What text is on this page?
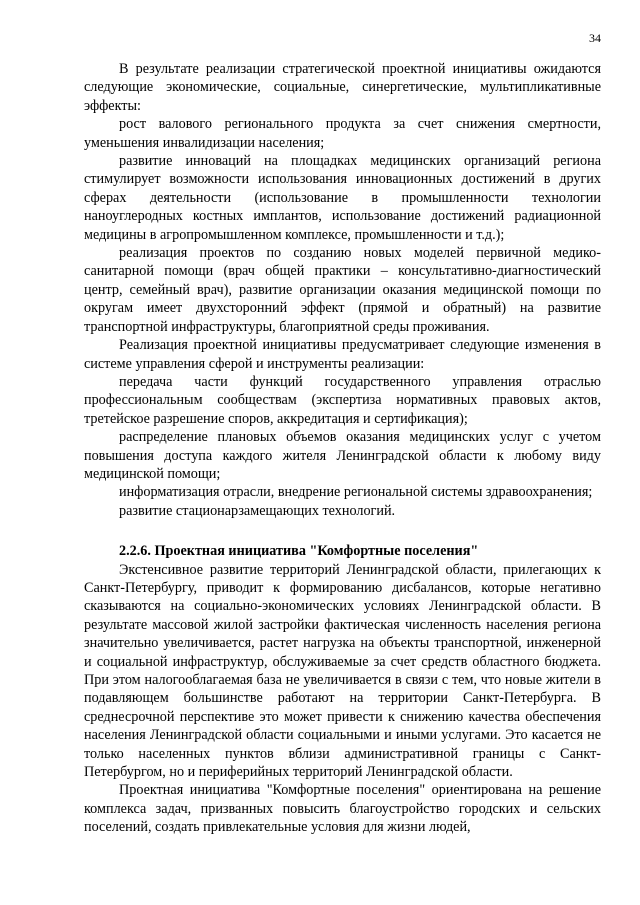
34

В результате реализации стратегической проектной инициативы ожидаются следующие экономические, социальные, синергетические, мультипликативные эффекты:

рост валового регионального продукта за счет снижения смертности, уменьшения инвалидизации населения;

развитие инноваций на площадках медицинских организаций региона стимулирует возможности использования инновационных достижений в других сферах деятельности (использование в промышленности технологии наноуглеродных костных имплантов, использование достижений радиационной медицины в агропромышленном комплексе, промышленности и т.д.);

реализация проектов по созданию новых моделей первичной медико-санитарной помощи (врач общей практики – консультативно-диагностический центр, семейный врач), развитие организации оказания медицинской помощи по округам имеет двухсторонний эффект (прямой и обратный) на развитие транспортной инфраструктуры, благоприятной среды проживания.

Реализация проектной инициативы предусматривает следующие изменения в системе управления сферой и инструменты реализации:

передача части функций государственного управления отраслью профессиональным сообществам (экспертиза нормативных правовых актов, третейское разрешение споров, аккредитация и сертификация);

распределение плановых объемов оказания медицинских услуг с учетом повышения доступа каждого жителя Ленинградской области к любому виду медицинской помощи;

информатизация отрасли, внедрение региональной системы здравоохранения;

развитие стационарзамещающих технологий.

2.2.6. Проектная инициатива "Комфортные поселения"

Экстенсивное развитие территорий Ленинградской области, прилегающих к Санкт-Петербургу, приводит к формированию дисбалансов, которые негативно сказываются на социально-экономических условиях Ленинградской области. В результате массовой жилой застройки фактическая численность населения региона значительно увеличивается, растет нагрузка на объекты транспортной, инженерной и социальной инфраструктур, обслуживаемые за счет средств областного бюджета. При этом налогооблагаемая база не увеличивается в связи с тем, что новые жители в подавляющем большинстве работают на территории Санкт-Петербурга. В среднесрочной перспективе это может привести к снижению качества обеспечения населения Ленинградской области социальными и иными услугами. Это касается не только населенных пунктов вблизи административной границы с Санкт-Петербургом, но и периферийных территорий Ленинградской области.

Проектная инициатива "Комфортные поселения" ориентирована на решение комплекса задач, призванных повысить благоустройство городских и сельских поселений, создать привлекательные условия для жизни людей,
